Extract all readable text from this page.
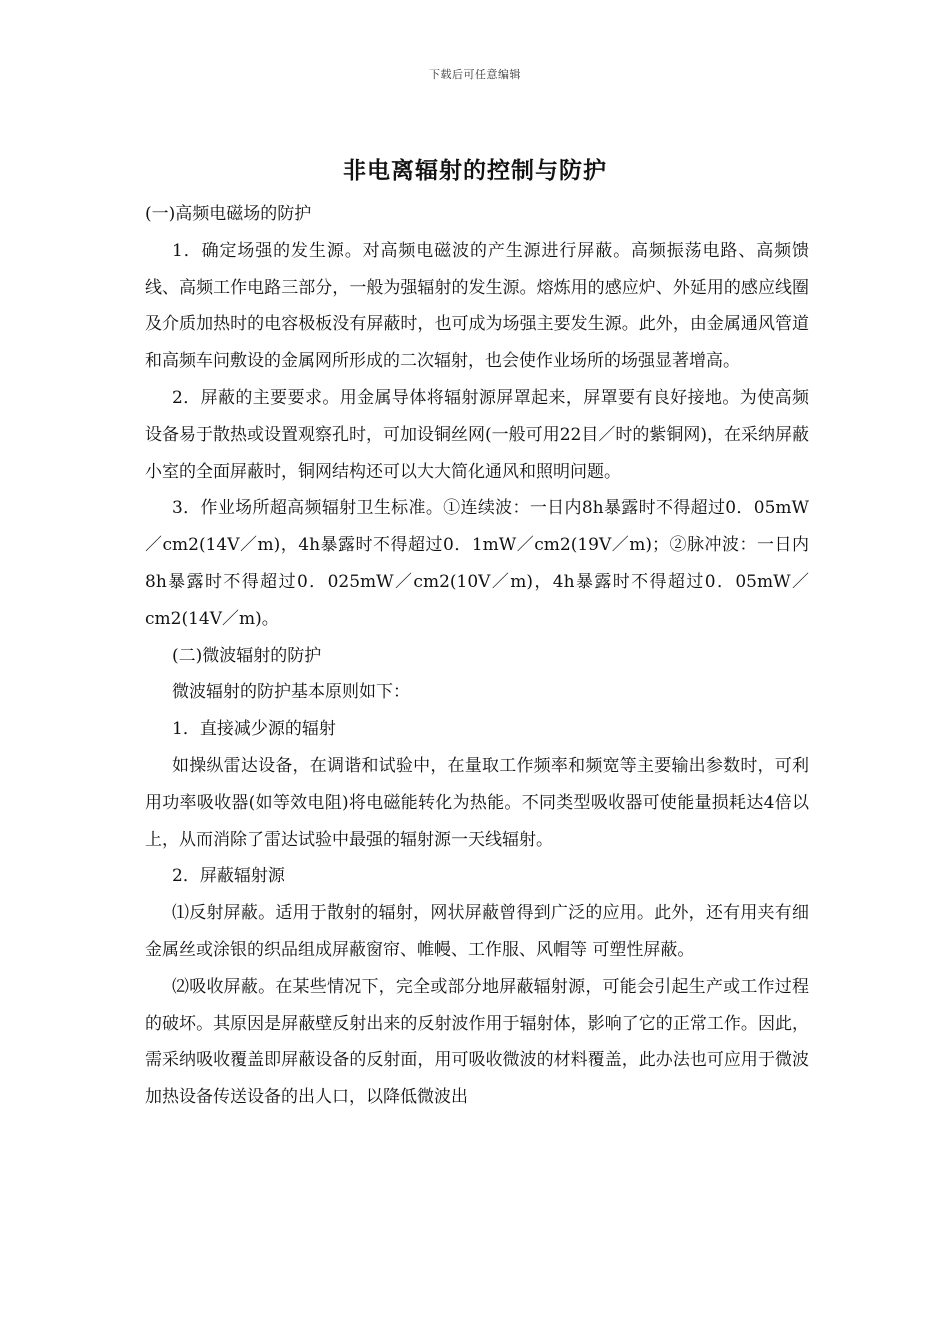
下载后可任意编辑
非电离辐射的控制与防护

(一)高频电磁场的防护

1．确定场强的发生源。对高频电磁波的产生源进行屏蔽。高频振荡电路、高频馈线、高频工作电路三部分，一般为强辐射的发生源。熔炼用的感应炉、外延用的感应线圈及介质加热时的电容极板没有屏蔽时，也可成为场强主要发生源。此外，由金属通风管道和高频车问敷设的金属网所形成的二次辐射，也会使作业场所的场强显著增高。

2．屏蔽的主要要求。用金属导体将辐射源屏罩起来，屏罩要有良好接地。为使高频设备易于散热或设置观察孔时，可加设铜丝网(一般可用22目／时的紫铜网)，在采纳屏蔽小室的全面屏蔽时，铜网结构还可以大大简化通风和照明问题。

3．作业场所超高频辐射卫生标准。①连续波：一日内8h暴露时不得超过0．05mW／cm2(14V／m)，4h暴露时不得超过0．1mW／cm2(19V／m)；②脉冲波：一日内8h暴露时不得超过0．025mW／cm2(10V／m)，4h暴露时不得超过0．05mW／cm2(14V／m)。

(二)微波辐射的防护

微波辐射的防护基本原则如下：

1．直接减少源的辐射

如操纵雷达设备，在调谐和试验中，在量取工作频率和频宽等主要输出参数时，可利用功率吸收器(如等效电阻)将电磁能转化为热能。不同类型吸收器可使能量损耗达4倍以上，从而消除了雷达试验中最强的辐射源一天线辐射。

2．屏蔽辐射源

⑴反射屏蔽。适用于散射的辐射，网状屏蔽曾得到广泛的应用。此外，还有用夹有细金属丝或涂银的织品组成屏蔽窗帘、帷幔、工作服、风帽等 可塑性屏蔽。

⑵吸收屏蔽。在某些情况下，完全或部分地屏蔽辐射源，可能会引起生产或工作过程的破坏。其原因是屏蔽壁反射出来的反射波作用于辐射体，影响了它的正常工作。因此，需采纳吸收覆盖即屏蔽设备的反射面，用可吸收微波的材料覆盖，此办法也可应用于微波加热设备传送设备的出人口，以降低微波出
